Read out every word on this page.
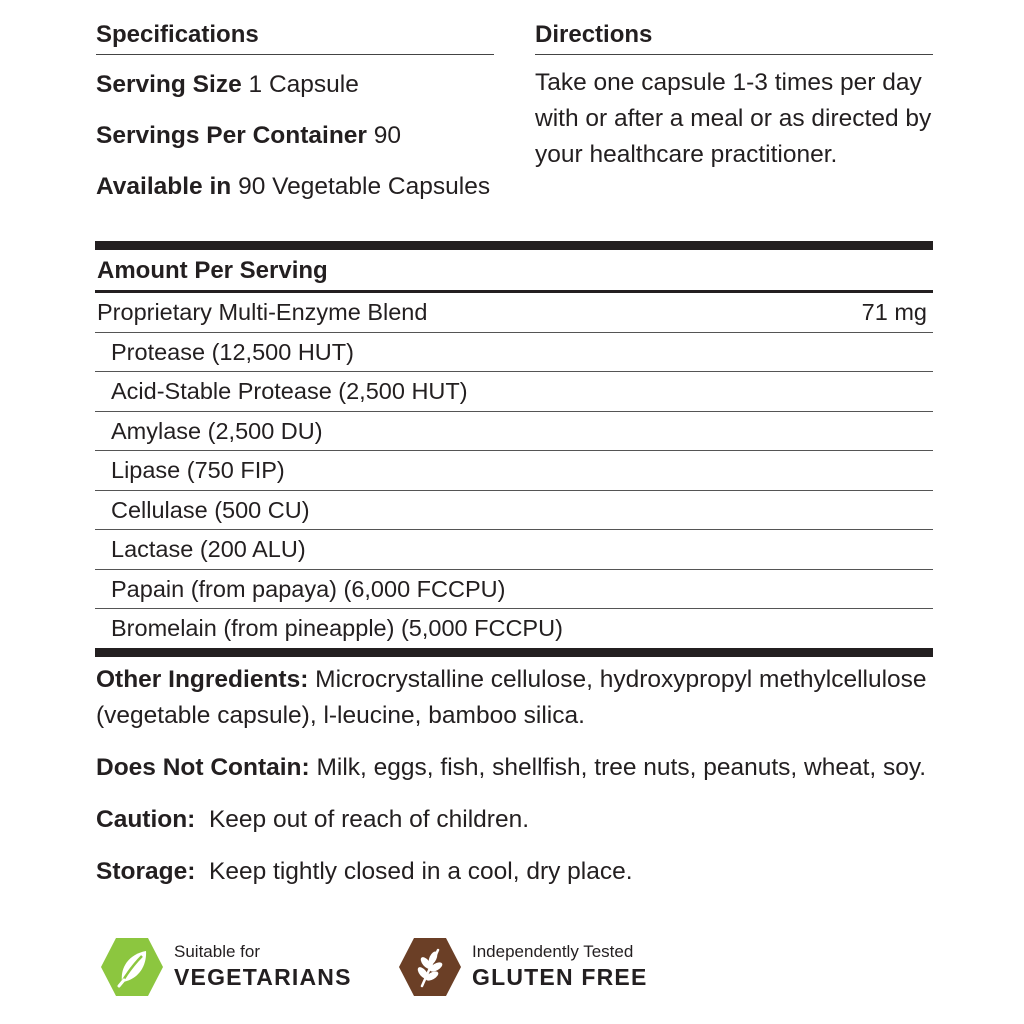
Specifications
Serving Size 1 Capsule
Servings Per Container 90
Available in 90 Vegetable Capsules
Directions
Take one capsule 1-3 times per day with or after a meal or as directed by your healthcare practitioner.
Amount Per Serving
Proprietary Multi-Enzyme Blend	71 mg
Protease (12,500 HUT)
Acid-Stable Protease (2,500 HUT)
Amylase (2,500 DU)
Lipase (750 FIP)
Cellulase (500 CU)
Lactase (200 ALU)
Papain (from papaya) (6,000 FCCPU)
Bromelain (from pineapple) (5,000 FCCPU)

Other Ingredients: Microcrystalline cellulose, hydroxypropyl methylcellulose (vegetable capsule), l-leucine, bamboo silica.

Does Not Contain: Milk, eggs, fish, shellfish, tree nuts, peanuts, wheat, soy.

Caution:  Keep out of reach of children.

Storage:  Keep tightly closed in a cool, dry place.

Suitable for
VEGETARIANS
Independently Tested
GLUTEN FREE
